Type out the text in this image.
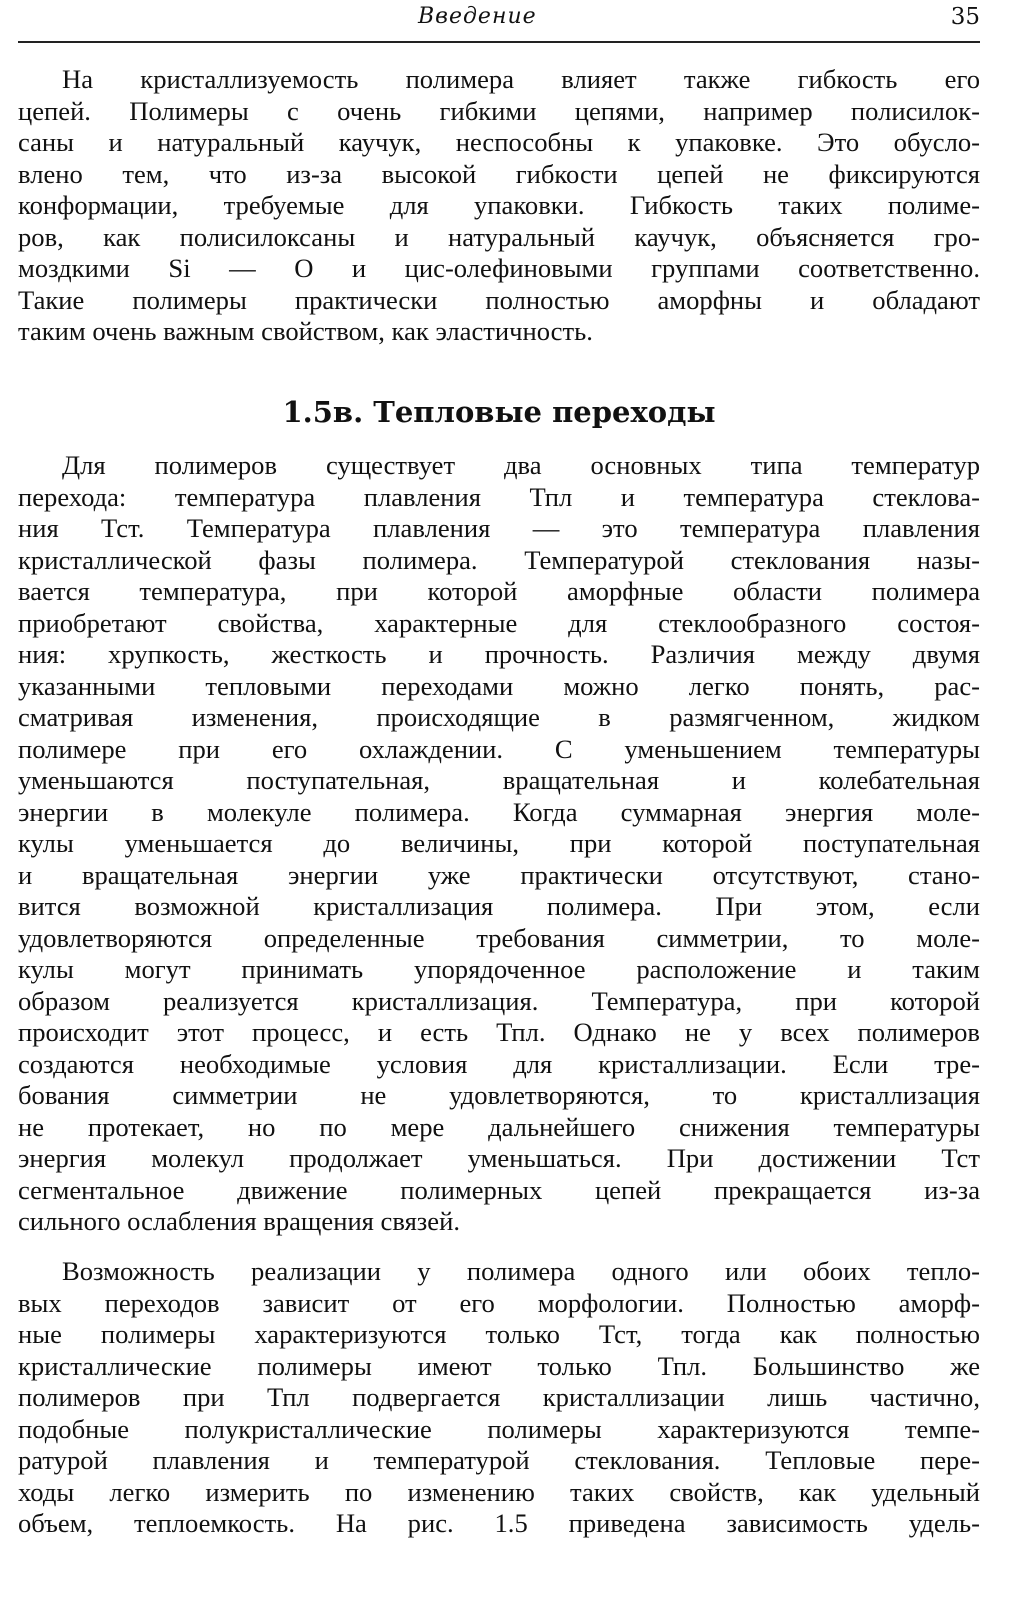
Введение	35
На кристаллизуемость полимера влияет также гибкость его
цепей. Полимеры с очень гибкими цепями, например полисилок-
саны и натуральный каучук, неспособны к упаковке. Это обусло-
влено тем, что из-за высокой гибкости цепей не фиксируются
конформации, требуемые для упаковки. Гибкость таких полиме-
ров, как полисилоксаны и натуральный каучук, объясняется гро-
моздкими Si — O и цис-олефиновыми группами соответственно.
Такие полимеры практически полностью аморфны и обладают
таким очень важным свойством, как эластичность.
1.5в. Тепловые переходы
Для полимеров существует два основных типа температур
перехода: температура плавления Тпл и температура стеклова-
ния Тст. Температура плавления — это температура плавления
кристаллической фазы полимера. Температурой стеклования назы-
вается температура, при которой аморфные области полимера
приобретают свойства, характерные для стеклообразного состоя-
ния: хрупкость, жесткость и прочность. Различия между двумя
указанными тепловыми переходами можно легко понять, рас-
сматривая изменения, происходящие в размягченном, жидком
полимере при его охлаждении. С уменьшением температуры
уменьшаются поступательная, вращательная и колебательная
энергии в молекуле полимера. Когда суммарная энергия моле-
кулы уменьшается до величины, при которой поступательная
и вращательная энергии уже практически отсутствуют, стано-
вится возможной кристаллизация полимера. При этом, если
удовлетворяются определенные требования симметрии, то моле-
кулы могут принимать упорядоченное расположение и таким
образом реализуется кристаллизация. Температура, при которой
происходит этот процесс, и есть Тпл. Однако не у всех полимеров
создаются необходимые условия для кристаллизации. Если тре-
бования симметрии не удовлетворяются, то кристаллизация
не протекает, но по мере дальнейшего снижения температуры
энергия молекул продолжает уменьшаться. При достижении Тст
сегментальное движение полимерных цепей прекращается из-за
сильного ослабления вращения связей.
Возможность реализации у полимера одного или обоих тепло-
вых переходов зависит от его морфологии. Полностью аморф-
ные полимеры характеризуются только Тст, тогда как полностью
кристаллические полимеры имеют только Тпл. Большинство же
полимеров при Тпл подвергается кристаллизации лишь частично,
подобные полукристаллические полимеры характеризуются темпе-
ратурой плавления и температурой стеклования. Тепловые пере-
ходы легко измерить по изменению таких свойств, как удельный
объем, теплоемкость. На рис. 1.5 приведена зависимость удель-
